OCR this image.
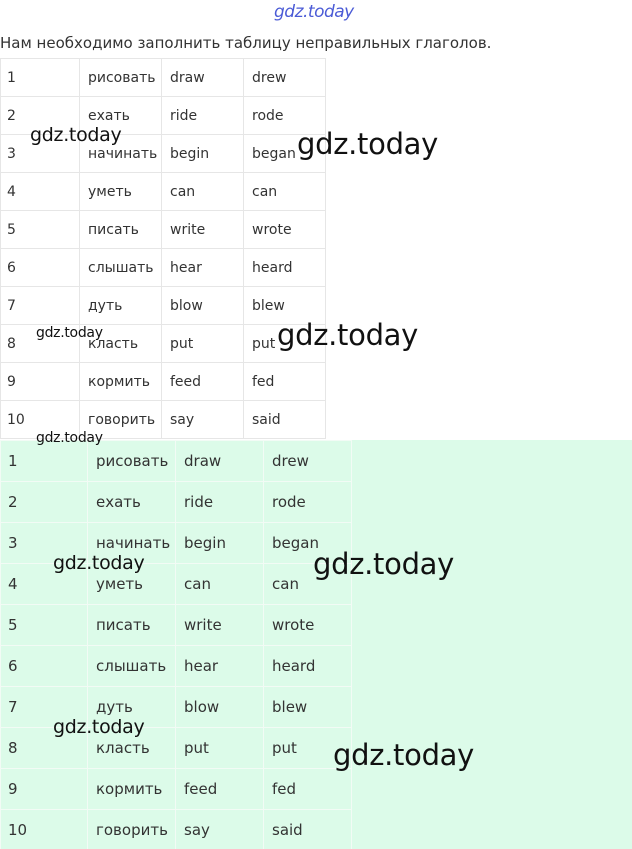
gdz.today
Нам необходимо заполнить таблицу неправильных глаголов.
1	рисовать	draw	drew
2	ехать	ride	rode
3	начинать	begin	began
4	уметь	can	can
5	писать	write	wrote
6	слышать	hear	heard
7	дуть	blow	blew
8	класть	put	put
9	кормить	feed	fed
10	говорить	say	said
1	рисовать	draw	drew
2	ехать	ride	rode
3	начинать	begin	began
4	уметь	can	can
5	писать	write	wrote
6	слышать	hear	heard
7	дуть	blow	blew
8	класть	put	put
9	кормить	feed	fed
10	говорить	say	said
gdz.today	gdz.today
gdz.today	gdz.today
gdz.today
gdz.today	gdz.today
gdz.today
gdz.today
